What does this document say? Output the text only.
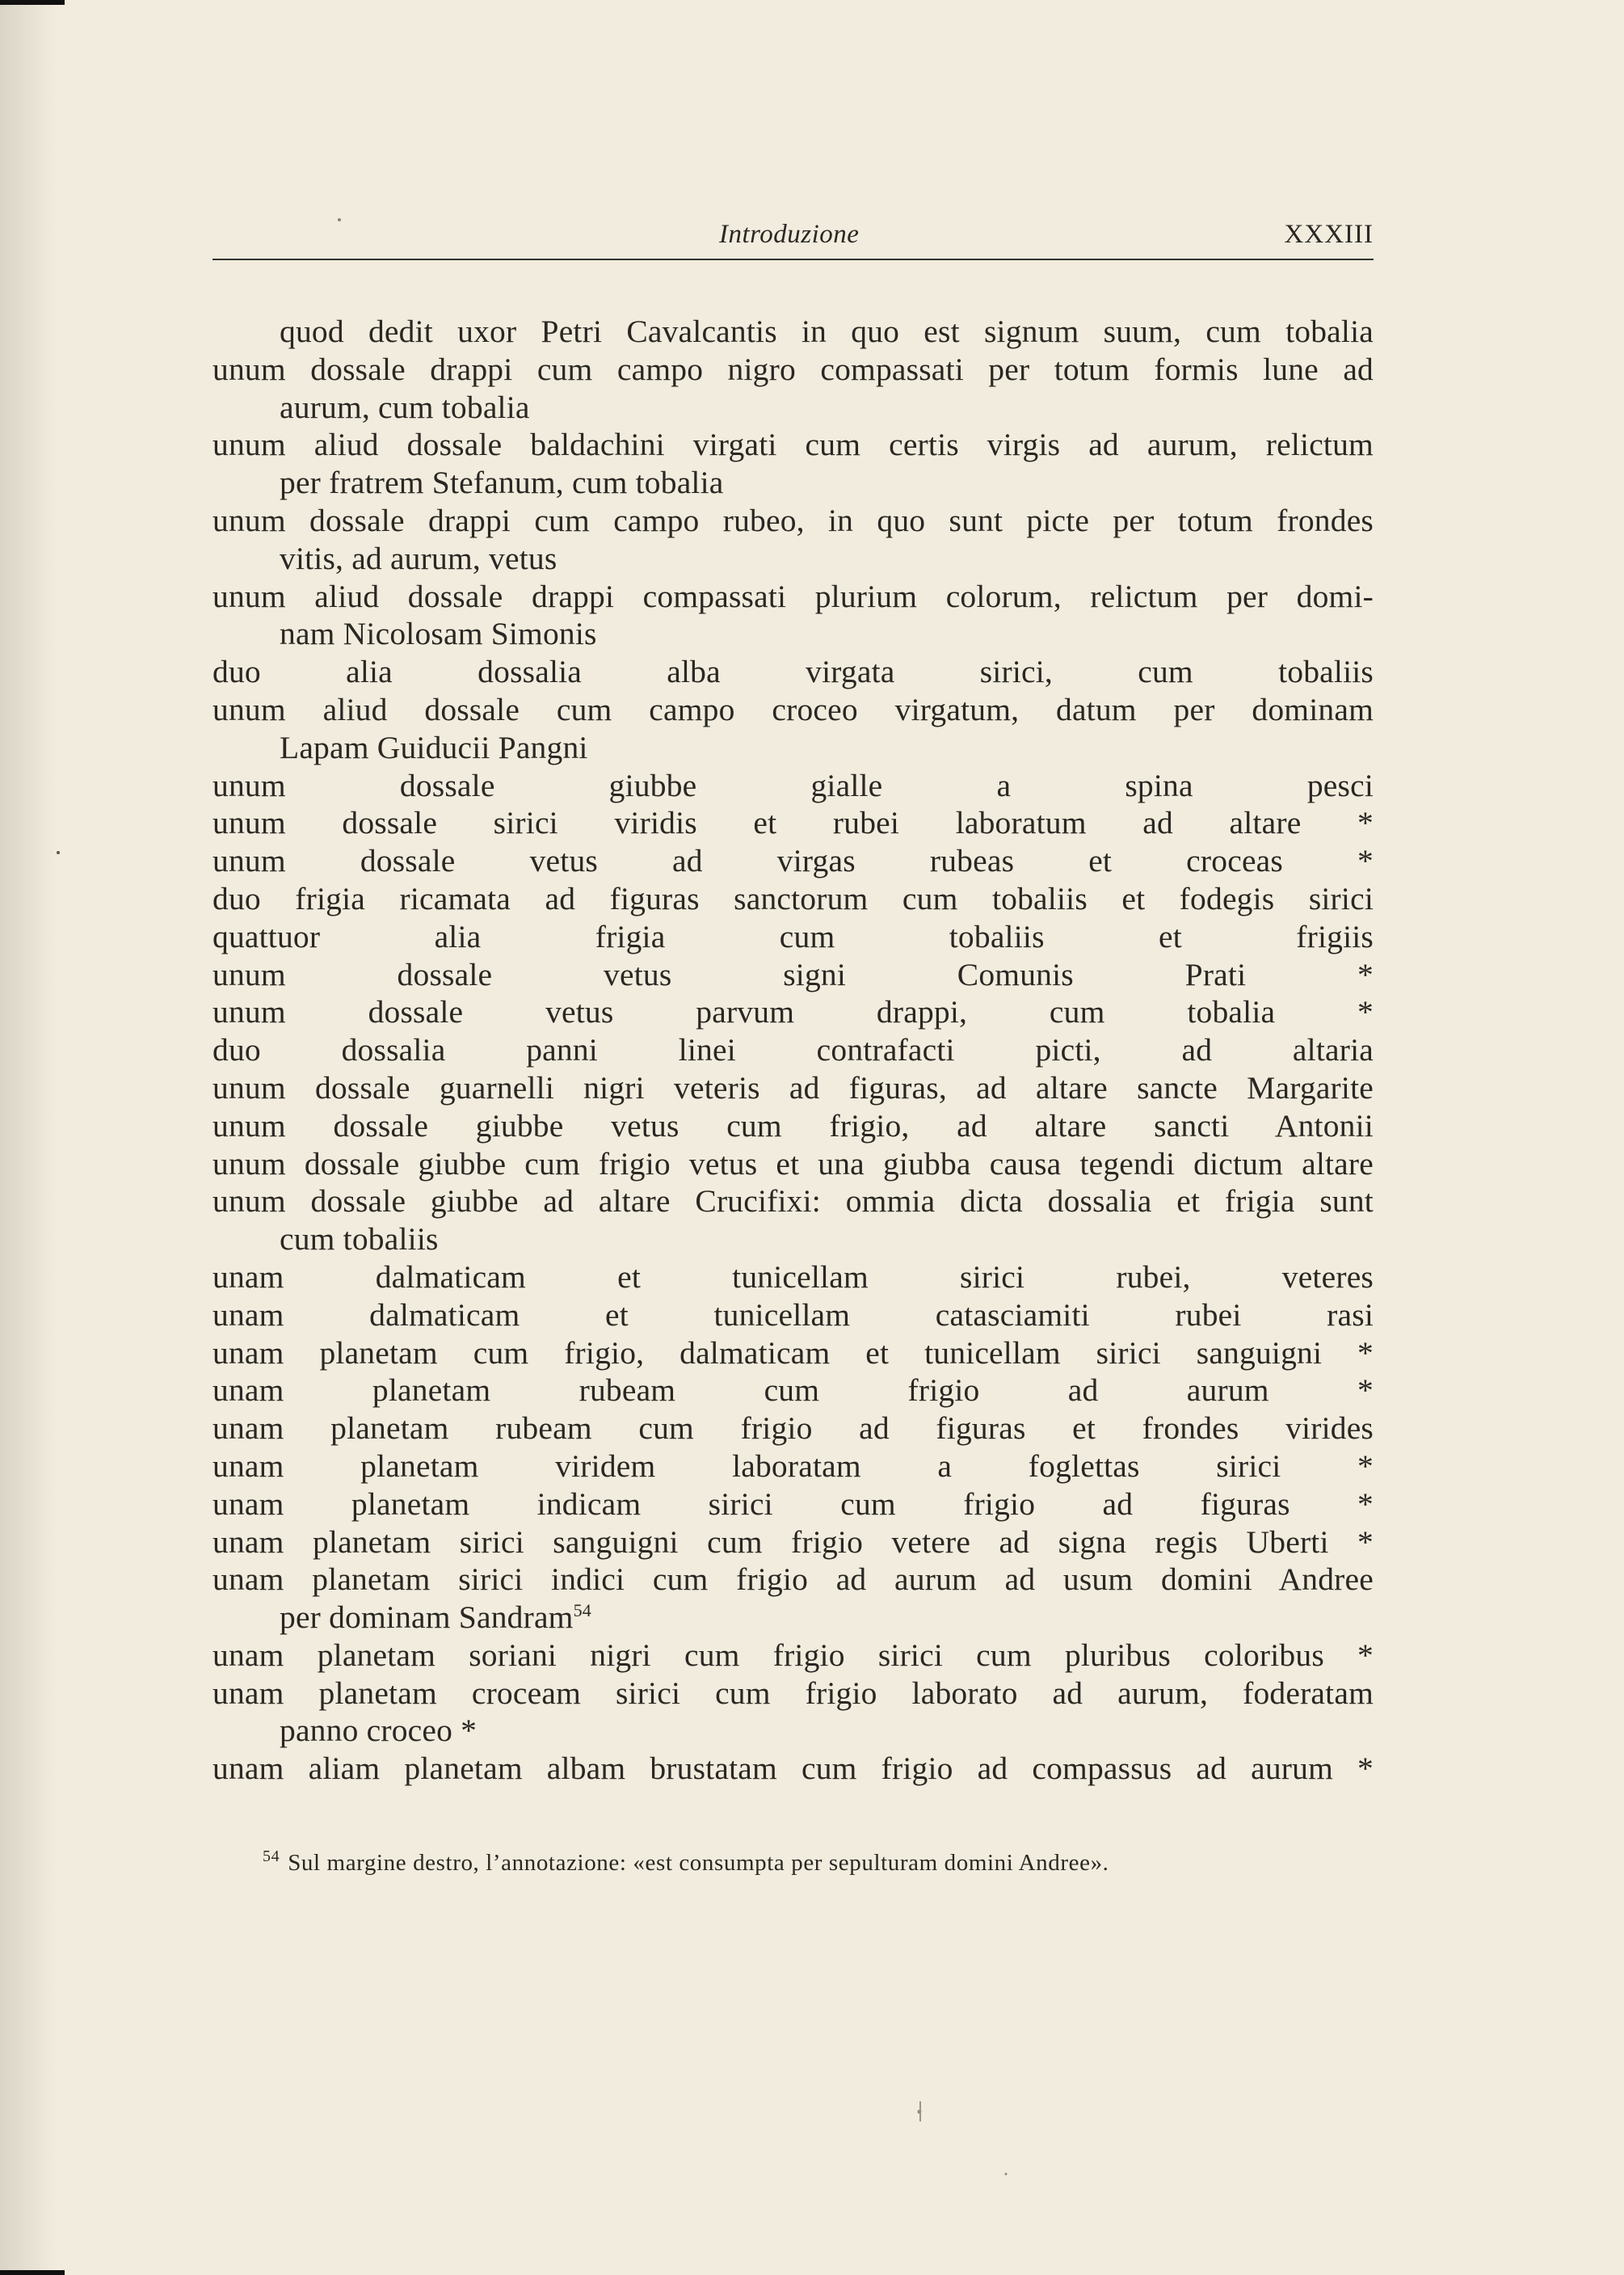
Introduzione	XXXIII
quod dedit uxor Petri Cavalcantis in quo est signum suum, cum tobalia
unum dossale drappi cum campo nigro compassati per totum formis lune ad
aurum, cum tobalia
unum aliud dossale baldachini virgati cum certis virgis ad aurum, relictum
per fratrem Stefanum, cum tobalia
unum dossale drappi cum campo rubeo, in quo sunt picte per totum frondes
vitis, ad aurum, vetus
unum aliud dossale drappi compassati plurium colorum, relictum per domi-
nam Nicolosam Simonis
duo alia dossalia alba virgata sirici, cum tobaliis
unum aliud dossale cum campo croceo virgatum, datum per dominam
Lapam Guiducii Pangni
unum dossale giubbe gialle a spina pesci
unum dossale sirici viridis et rubei laboratum ad altare *
unum dossale vetus ad virgas rubeas et croceas *
duo frigia ricamata ad figuras sanctorum cum tobaliis et fodegis sirici
quattuor alia frigia cum tobaliis et frigiis
unum dossale vetus signi Comunis Prati *
unum dossale vetus parvum drappi, cum tobalia *
duo dossalia panni linei contrafacti picti, ad altaria
unum dossale guarnelli nigri veteris ad figuras, ad altare sancte Margarite
unum dossale giubbe vetus cum frigio, ad altare sancti Antonii
unum dossale giubbe cum frigio vetus et una giubba causa tegendi dictum altare
unum dossale giubbe ad altare Crucifixi: ommia dicta dossalia et frigia sunt
cum tobaliis
unam dalmaticam et tunicellam sirici rubei, veteres
unam dalmaticam et tunicellam catasciamiti rubei rasi
unam planetam cum frigio, dalmaticam et tunicellam sirici sanguigni *
unam planetam rubeam cum frigio ad aurum *
unam planetam rubeam cum frigio ad figuras et frondes virides
unam planetam viridem laboratam a foglettas sirici *
unam planetam indicam sirici cum frigio ad figuras *
unam planetam sirici sanguigni cum frigio vetere ad signa regis Uberti *
unam planetam sirici indici cum frigio ad aurum ad usum domini Andree
per dominam Sandram$^{54}$
unam planetam soriani nigri cum frigio sirici cum pluribus coloribus *
unam planetam croceam sirici cum frigio laborato ad aurum, foderatam
panno croceo *
unam aliam planetam albam brustatam cum frigio ad compassus ad aurum *
$^{54}$ Sul margine destro, l’annotazione: «est consumpta per sepulturam domini Andree».
